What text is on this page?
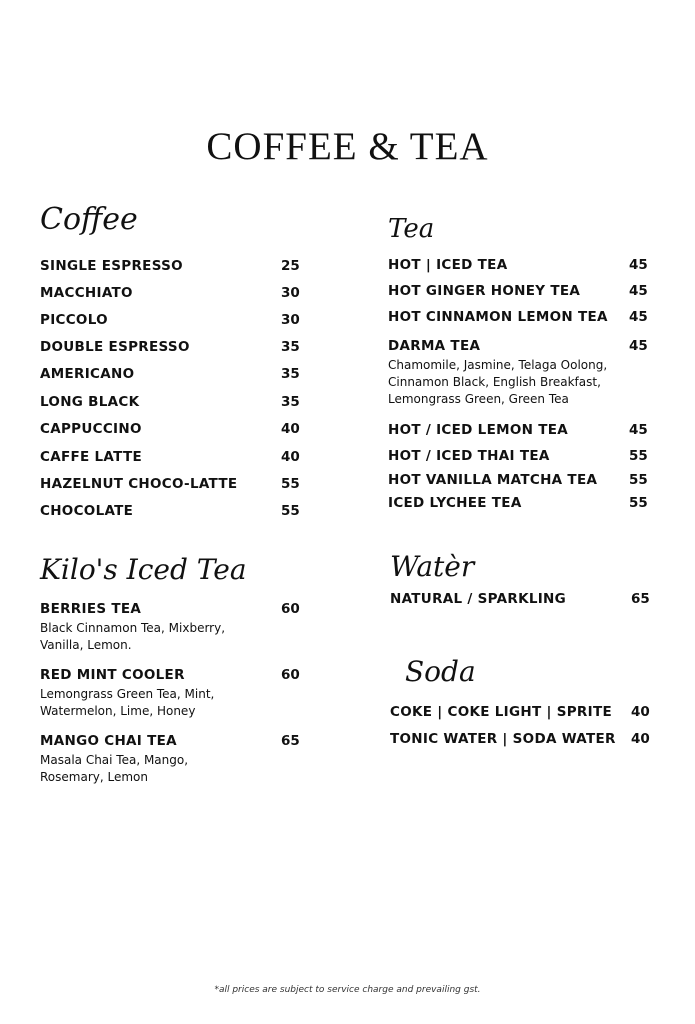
COFFEE & TEA
Coffee
SINGLE ESPRESSO	25
MACCHIATO	30
PICCOLO	30
DOUBLE ESPRESSO	35
AMERICANO	35
LONG BLACK	35
CAPPUCCINO	40
CAFFE LATTE	40
HAZELNUT CHOCO-LATTE	55
CHOCOLATE	55
Kilo's Iced Tea
BERRIES TEA	60
Black Cinnamon Tea, Mixberry,
Vanilla, Lemon.
RED MINT COOLER	60
Lemongrass Green Tea, Mint,
Watermelon, Lime, Honey
MANGO CHAI TEA	65
Masala Chai Tea, Mango,
Rosemary, Lemon
Tea
HOT | ICED TEA	45
HOT GINGER HONEY TEA	45
HOT CINNAMON LEMON TEA 45
DARMA TEA	45
Chamomile, Jasmine, Telaga Oolong,
Cinnamon Black, English Breakfast,
Lemongrass Green, Green Tea
HOT / ICED LEMON TEA	45
HOT / ICED THAI TEA	55
HOT VANILLA MATCHA TEA 55
ICED LYCHEE TEA	55
Watèr
NATURAL / SPARKLING	65
Soda
COKE | COKE LIGHT | SPRITE 40
TONIC WATER | SODA WATER 40
*all prices are subject to service charge and prevailing gst.
